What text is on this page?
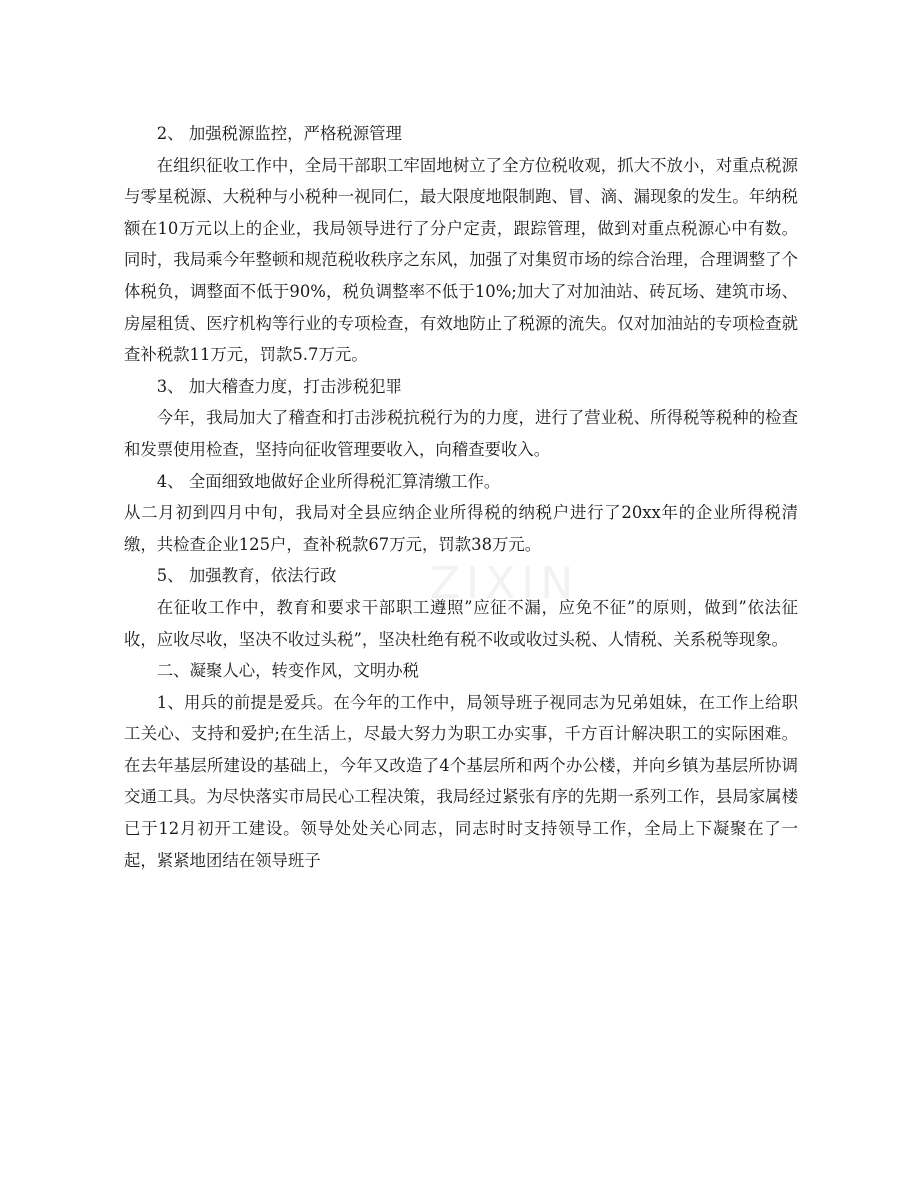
ZIXIN

2、 加强税源监控，严格税源管理

在组织征收工作中，全局干部职工牢固地树立了全方位税收观，抓大不放小，对重点税源与零星税源、大税种与小税种一视同仁，最大限度地限制跑、冒、滴、漏现象的发生。年纳税额在10万元以上的企业，我局领导进行了分户定责，跟踪管理，做到对重点税源心中有数。同时，我局乘今年整顿和规范税收秩序之东风，加强了对集贸市场的综合治理，合理调整了个体税负，调整面不低于90%，税负调整率不低于10%;加大了对加油站、砖瓦场、建筑市场、房屋租赁、医疗机构等行业的专项检查，有效地防止了税源的流失。仅对加油站的专项检查就查补税款11万元，罚款5.7万元。

3、 加大稽查力度，打击涉税犯罪

今年，我局加大了稽查和打击涉税抗税行为的力度，进行了营业税、所得税等税种的检查和发票使用检查，坚持向征收管理要收入，向稽查要收入。

4、 全面细致地做好企业所得税汇算清缴工作。

从二月初到四月中旬，我局对全县应纳企业所得税的纳税户进行了20xx年的企业所得税清缴，共检查企业125户，查补税款67万元，罚款38万元。

5、 加强教育，依法行政

在征收工作中，教育和要求干部职工遵照”应征不漏，应免不征”的原则，做到”依法征收，应收尽收，坚决不收过头税”，坚决杜绝有税不收或收过头税、人情税、关系税等现象。

二、凝聚人心，转变作风，文明办税

1、用兵的前提是爱兵。在今年的工作中，局领导班子视同志为兄弟姐妹，在工作上给职工关心、支持和爱护;在生活上，尽最大努力为职工办实事，千方百计解决职工的实际困难。在去年基层所建设的基础上，今年又改造了4个基层所和两个办公楼，并向乡镇为基层所协调交通工具。为尽快落实市局民心工程决策，我局经过紧张有序的先期一系列工作，县局家属楼已于12月初开工建设。领导处处关心同志，同志时时支持领导工作，全局上下凝聚在了一起，紧紧地团结在领导班子
